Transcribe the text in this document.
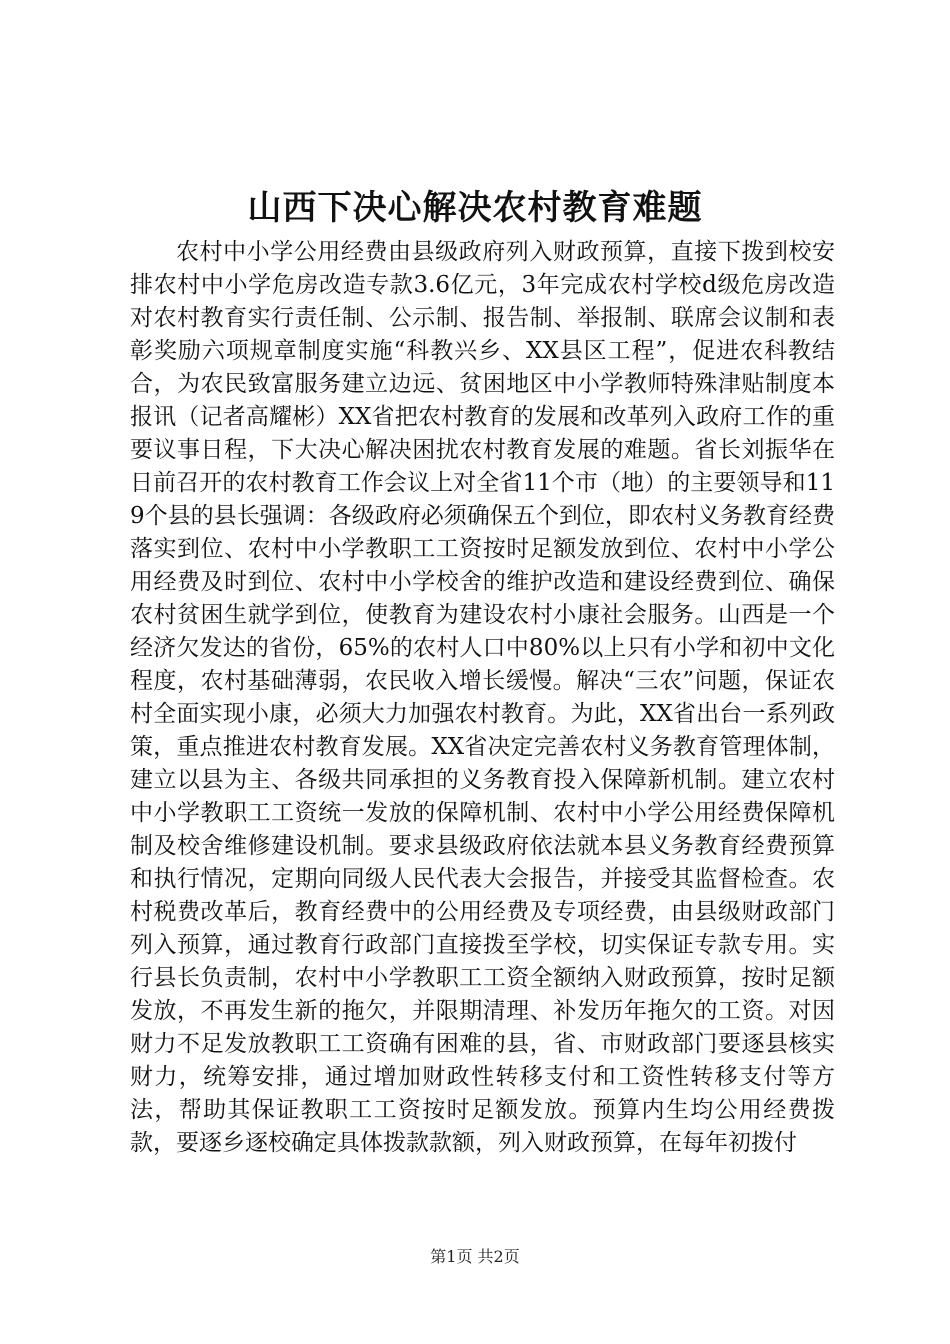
山西下决心解决农村教育难题

农村中小学公用经费由县级政府列入财政预算，直接下拨到校安排农村中小学危房改造专款3.6亿元，3年完成农村学校d级危房改造对农村教育实行责任制、公示制、报告制、举报制、联席会议制和表彰奖励六项规章制度实施“科教兴乡、XX县区工程”，促进农科教结合，为农民致富服务建立边远、贫困地区中小学教师特殊津贴制度本报讯（记者高耀彬）XX省把农村教育的发展和改革列入政府工作的重要议事日程，下大决心解决困扰农村教育发展的难题。省长刘振华在日前召开的农村教育工作会议上对全省11个市（地）的主要领导和119个县的县长强调：各级政府必须确保五个到位，即农村义务教育经费落实到位、农村中小学教职工工资按时足额发放到位、农村中小学公用经费及时到位、农村中小学校舍的维护改造和建设经费到位、确保农村贫困生就学到位，使教育为建设农村小康社会服务。山西是一个经济欠发达的省份，65%的农村人口中80%以上只有小学和初中文化程度，农村基础薄弱，农民收入增长缓慢。解决“三农”问题，保证农村全面实现小康，必须大力加强农村教育。为此，XX省出台一系列政策，重点推进农村教育发展。XX省决定完善农村义务教育管理体制，建立以县为主、各级共同承担的义务教育投入保障新机制。建立农村中小学教职工工资统一发放的保障机制、农村中小学公用经费保障机制及校舍维修建设机制。要求县级政府依法就本县义务教育经费预算和执行情况，定期向同级人民代表大会报告，并接受其监督检查。农村税费改革后，教育经费中的公用经费及专项经费，由县级财政部门列入预算，通过教育行政部门直接拨至学校，切实保证专款专用。实行县长负责制，农村中小学教职工工资全额纳入财政预算，按时足额发放，不再发生新的拖欠，并限期清理、补发历年拖欠的工资。对因财力不足发放教职工工资确有困难的县，省、市财政部门要逐县核实财力，统筹安排，通过增加财政性转移支付和工资性转移支付等方法，帮助其保证教职工工资按时足额发放。预算内生均公用经费拨款，要逐乡逐校确定具体拨款款额，列入财政预算，在每年初拨付

第1页 共2页
